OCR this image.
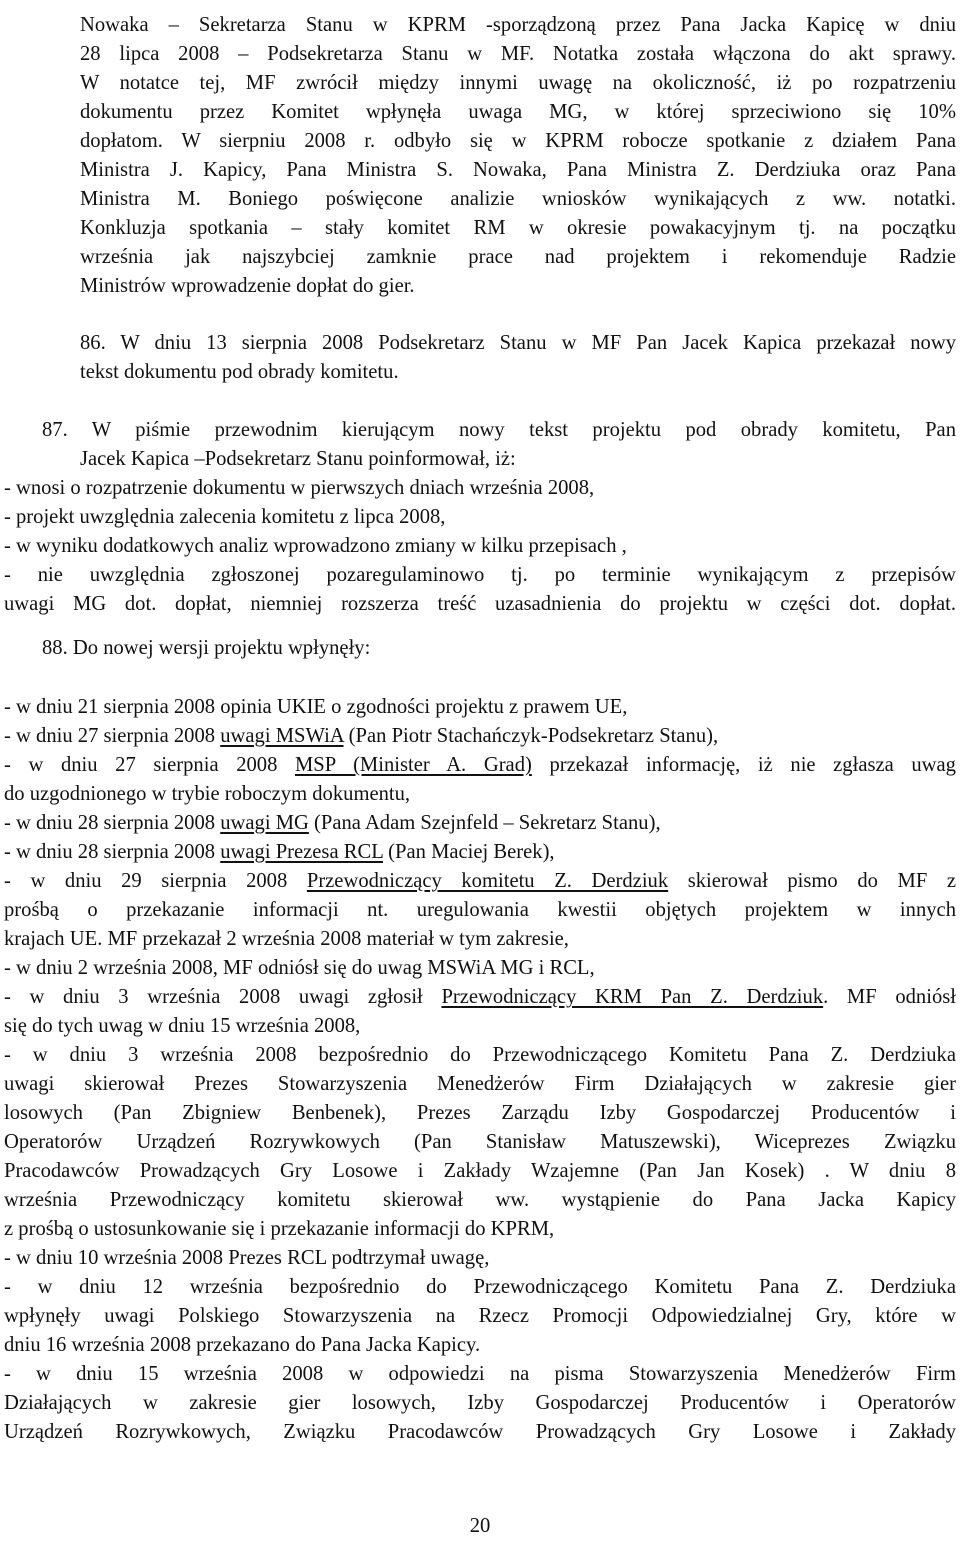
Nowaka – Sekretarza Stanu w KPRM -sporządzoną przez Pana Jacka Kapicę w dniu
28 lipca 2008 – Podsekretarza Stanu w MF. Notatka została włączona do akt sprawy.
W notatce tej, MF zwrócił między innymi uwagę na okoliczność, iż po rozpatrzeniu
dokumentu przez Komitet wpłynęła uwaga MG, w której sprzeciwiono się 10%
dopłatom. W sierpniu 2008 r. odbyło się w KPRM robocze spotkanie z działem Pana
Ministra J. Kapicy, Pana Ministra S. Nowaka, Pana Ministra Z. Derdziuka oraz Pana
Ministra M. Boniego poświęcone analizie wniosków wynikających z ww. notatki.
Konkluzja spotkania – stały komitet RM w okresie powakacyjnym tj. na początku
września jak najszybciej zamknie prace nad projektem i rekomenduje Radzie
Ministrów wprowadzenie dopłat do gier.
86. W dniu 13 sierpnia 2008 Podsekretarz Stanu w MF Pan Jacek Kapica przekazał nowy
tekst dokumentu pod obrady komitetu.
87. W piśmie przewodnim kierującym nowy tekst projektu pod obrady komitetu, Pan
Jacek Kapica –Podsekretarz Stanu poinformował, iż:
- wnosi o rozpatrzenie dokumentu w pierwszych dniach września 2008,
- projekt uwzględnia zalecenia komitetu z lipca 2008,
- w wyniku dodatkowych analiz wprowadzono zmiany w kilku przepisach ,
- nie uwzględnia zgłoszonej pozaregulaminowo tj. po terminie wynikającym z przepisów
uwagi MG dot. dopłat, niemniej rozszerza treść uzasadnienia do projektu w części dot. dopłat.
88. Do nowej wersji projektu wpłynęły:
- w dniu 21 sierpnia 2008 opinia UKIE o zgodności projektu z prawem UE,
- w dniu 27 sierpnia 2008 uwagi MSWiA (Pan Piotr Stachańczyk-Podsekretarz Stanu),
- w dniu 27 sierpnia 2008 MSP (Minister A. Grad) przekazał informację, iż nie zgłasza uwag
do uzgodnionego w trybie roboczym dokumentu,
- w dniu 28 sierpnia 2008 uwagi MG (Pana Adam Szejnfeld – Sekretarz Stanu),
- w dniu 28 sierpnia 2008 uwagi Prezesa RCL (Pan Maciej Berek),
- w dniu 29 sierpnia 2008 Przewodniczący komitetu Z. Derdziuk skierował pismo do MF z
prośbą o przekazanie informacji nt. uregulowania kwestii objętych projektem w innych
krajach UE. MF przekazał 2 września 2008 materiał w tym zakresie,
- w dniu 2 września 2008, MF odniósł się do uwag MSWiA MG i RCL,
- w dniu 3 września 2008 uwagi zgłosił Przewodniczący KRM Pan Z. Derdziuk. MF odniósł
się do tych uwag w dniu 15 września 2008,
- w dniu 3 września 2008 bezpośrednio do Przewodniczącego Komitetu Pana Z. Derdziuka
uwagi skierował Prezes Stowarzyszenia Menedżerów Firm Działających w zakresie gier
losowych (Pan Zbigniew Benbenek), Prezes Zarządu Izby Gospodarczej Producentów i
Operatorów Urządzeń Rozrywkowych (Pan Stanisław Matuszewski), Wiceprezes Związku
Pracodawców Prowadzących Gry Losowe i Zakłady Wzajemne (Pan Jan Kosek) . W dniu 8
września Przewodniczący komitetu skierował ww. wystąpienie do Pana Jacka Kapicy
z prośbą o ustosunkowanie się i przekazanie informacji do KPRM,
- w dniu 10 września 2008 Prezes RCL podtrzymał uwagę,
- w dniu 12 września bezpośrednio do Przewodniczącego Komitetu Pana Z. Derdziuka
wpłynęły uwagi Polskiego Stowarzyszenia na Rzecz Promocji Odpowiedzialnej Gry, które w
dniu 16 września 2008 przekazano do Pana Jacka Kapicy.
- w dniu 15 września 2008 w odpowiedzi na pisma Stowarzyszenia Menedżerów Firm
Działających w zakresie gier losowych, Izby Gospodarczej Producentów i Operatorów
Urządzeń Rozrywkowych, Związku Pracodawców Prowadzących Gry Losowe i Zakłady
20
